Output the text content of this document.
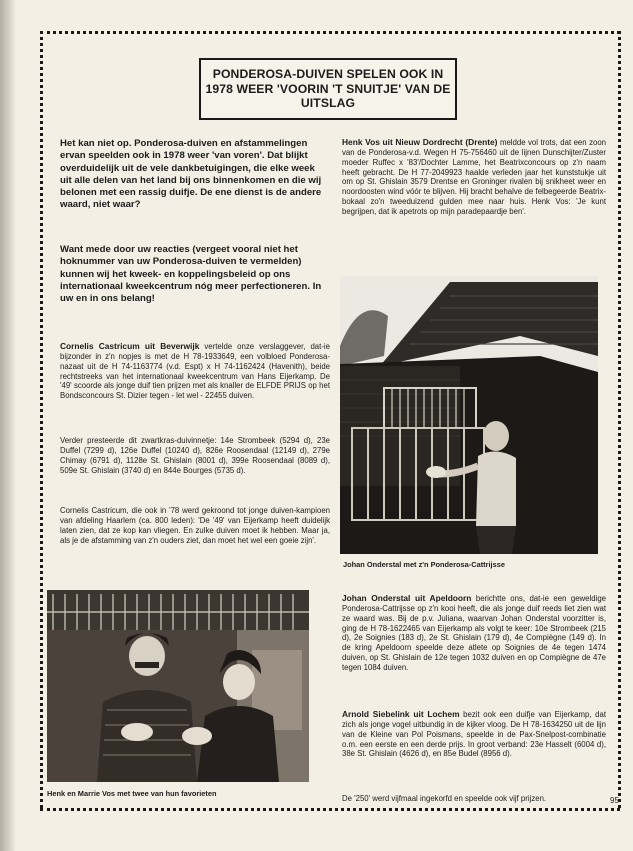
PONDEROSA-DUIVEN SPELEN OOK IN 1978 WEER 'VOORIN 'T SNUITJE' VAN DE UITSLAG

Het kan niet op. Ponderosa-duiven en afstammelingen ervan speelden ook in 1978 weer 'van voren'. Dat blijkt overduidelijk uit de vele dankbetuigingen, die elke week uit alle delen van het land bij ons binnenkomen en die wij belonen met een rassig duifje. De ene dienst is de andere waard, niet waar?

Want mede door uw reacties (vergeet vooral niet het hoknummer van uw Ponderosa-duiven te vermelden) kunnen wij het kweek- en koppelingsbeleid op ons internationaal kweekcentrum nóg meer perfectioneren. In uw en in ons belang!

Cornelis Castricum uit Beverwijk vertelde onze verslaggever, dat-ie bijzonder in z'n nopjes is met de H 78-1933649, een volbloed Ponderosa-nazaat uit de H 74-1163774 (v.d. Espt) x H 74-1162424 (Havenith), beide rechtstreeks van het internationaal kweekcentrum van Hans Eijerkamp. De '49' scoorde als jonge duif tien prijzen met als knaller de ELFDE PRIJS op het Bondsconcours St. Dizier tegen - let wel - 22455 duiven.

Verder presteerde dit zwartkras-duivinnetje: 14e Strombeek (5294 d), 23e Duffel (7299 d), 126e Duffel (10240 d), 826e Roosendaal (12149 d), 279e Chimay (6791 d), 1128e St. Ghislain (8001 d), 399e Roosendaal (8089 d), 509e St. Ghislain (3740 d) en 844e Bourges (5735 d).

Cornelis Castricum, die ook in '78 werd gekroond tot jonge duiven-kampioen van afdeling Haarlem (ca. 800 leden): 'De '49' van Eijerkamp heeft duidelijk laten zien, dat ze kop kan vliegen. En zulke duiven moet ik hebben. Maar ja, als je de afstamming van z'n ouders ziet, dan moet het wel een goeie zijn'.

Henk en Marrie Vos met twee van hun favorieten

Henk Vos uit Nieuw Dordrecht (Drente) meldde vol trots, dat een zoon van de Ponderosa-v.d. Wegen H 75-756460 uit de lijnen Dunschijter/Zuster moeder Ruffec x '83'/Dochter Lamme, het Beatrixconcours op z'n naam heeft gebracht. De H 77-2049923 haalde verleden jaar het kunststukje uit om op St. Ghislain 3579 Drentse en Groninger rivalen bij snikheet weer en noordoosten wind vóór te blijven. Hij bracht behalve de felbegeerde Beatrix-bokaal zo'n tweeduizend gulden mee naar huis. Henk Vos: 'Je kunt begrijpen, dat ik apetrots op mijn paradepaardje ben'.

Johan Onderstal met z'n Ponderosa-Cattrijsse

Johan Onderstal uit Apeldoorn berichtte ons, dat-ie een geweldige Ponderosa-Cattrijsse op z'n kooi heeft, die als jonge duif reeds liet zien wat ze waard was. Bij de p.v. Juliana, waarvan Johan Onderstal voorzitter is, ging de H 78-1622465 van Eijerkamp als volgt te keer: 10e Strombeek (215 d), 2e Soignies (183 d), 2e St. Ghislain (179 d), 4e Compiègne (149 d). In de kring Apeldoorn speelde deze atlete op Soignies de 4e tegen 1474 duiven, op St. Ghislain de 12e tegen 1032 duiven en op Compiègne de 47e tegen 1084 duiven.

Arnold Siebelink uit Lochem bezit ook een duifje van Eijerkamp, dat zich als jonge vogel uitbundig in de kijker vloog. De H 78-1634250 uit de lijn van de Kleine van Pol Poismans, speelde in de Pax-Snelpost-combinatie o.m. een eerste en een derde prijs. In groot verband: 23e Hasselt (6004 d), 38e St. Ghislain (4626 d), en 85e Budel (8956 d).

De '250' werd vijfmaal ingekorfd en speelde ook vijf prijzen.	95
